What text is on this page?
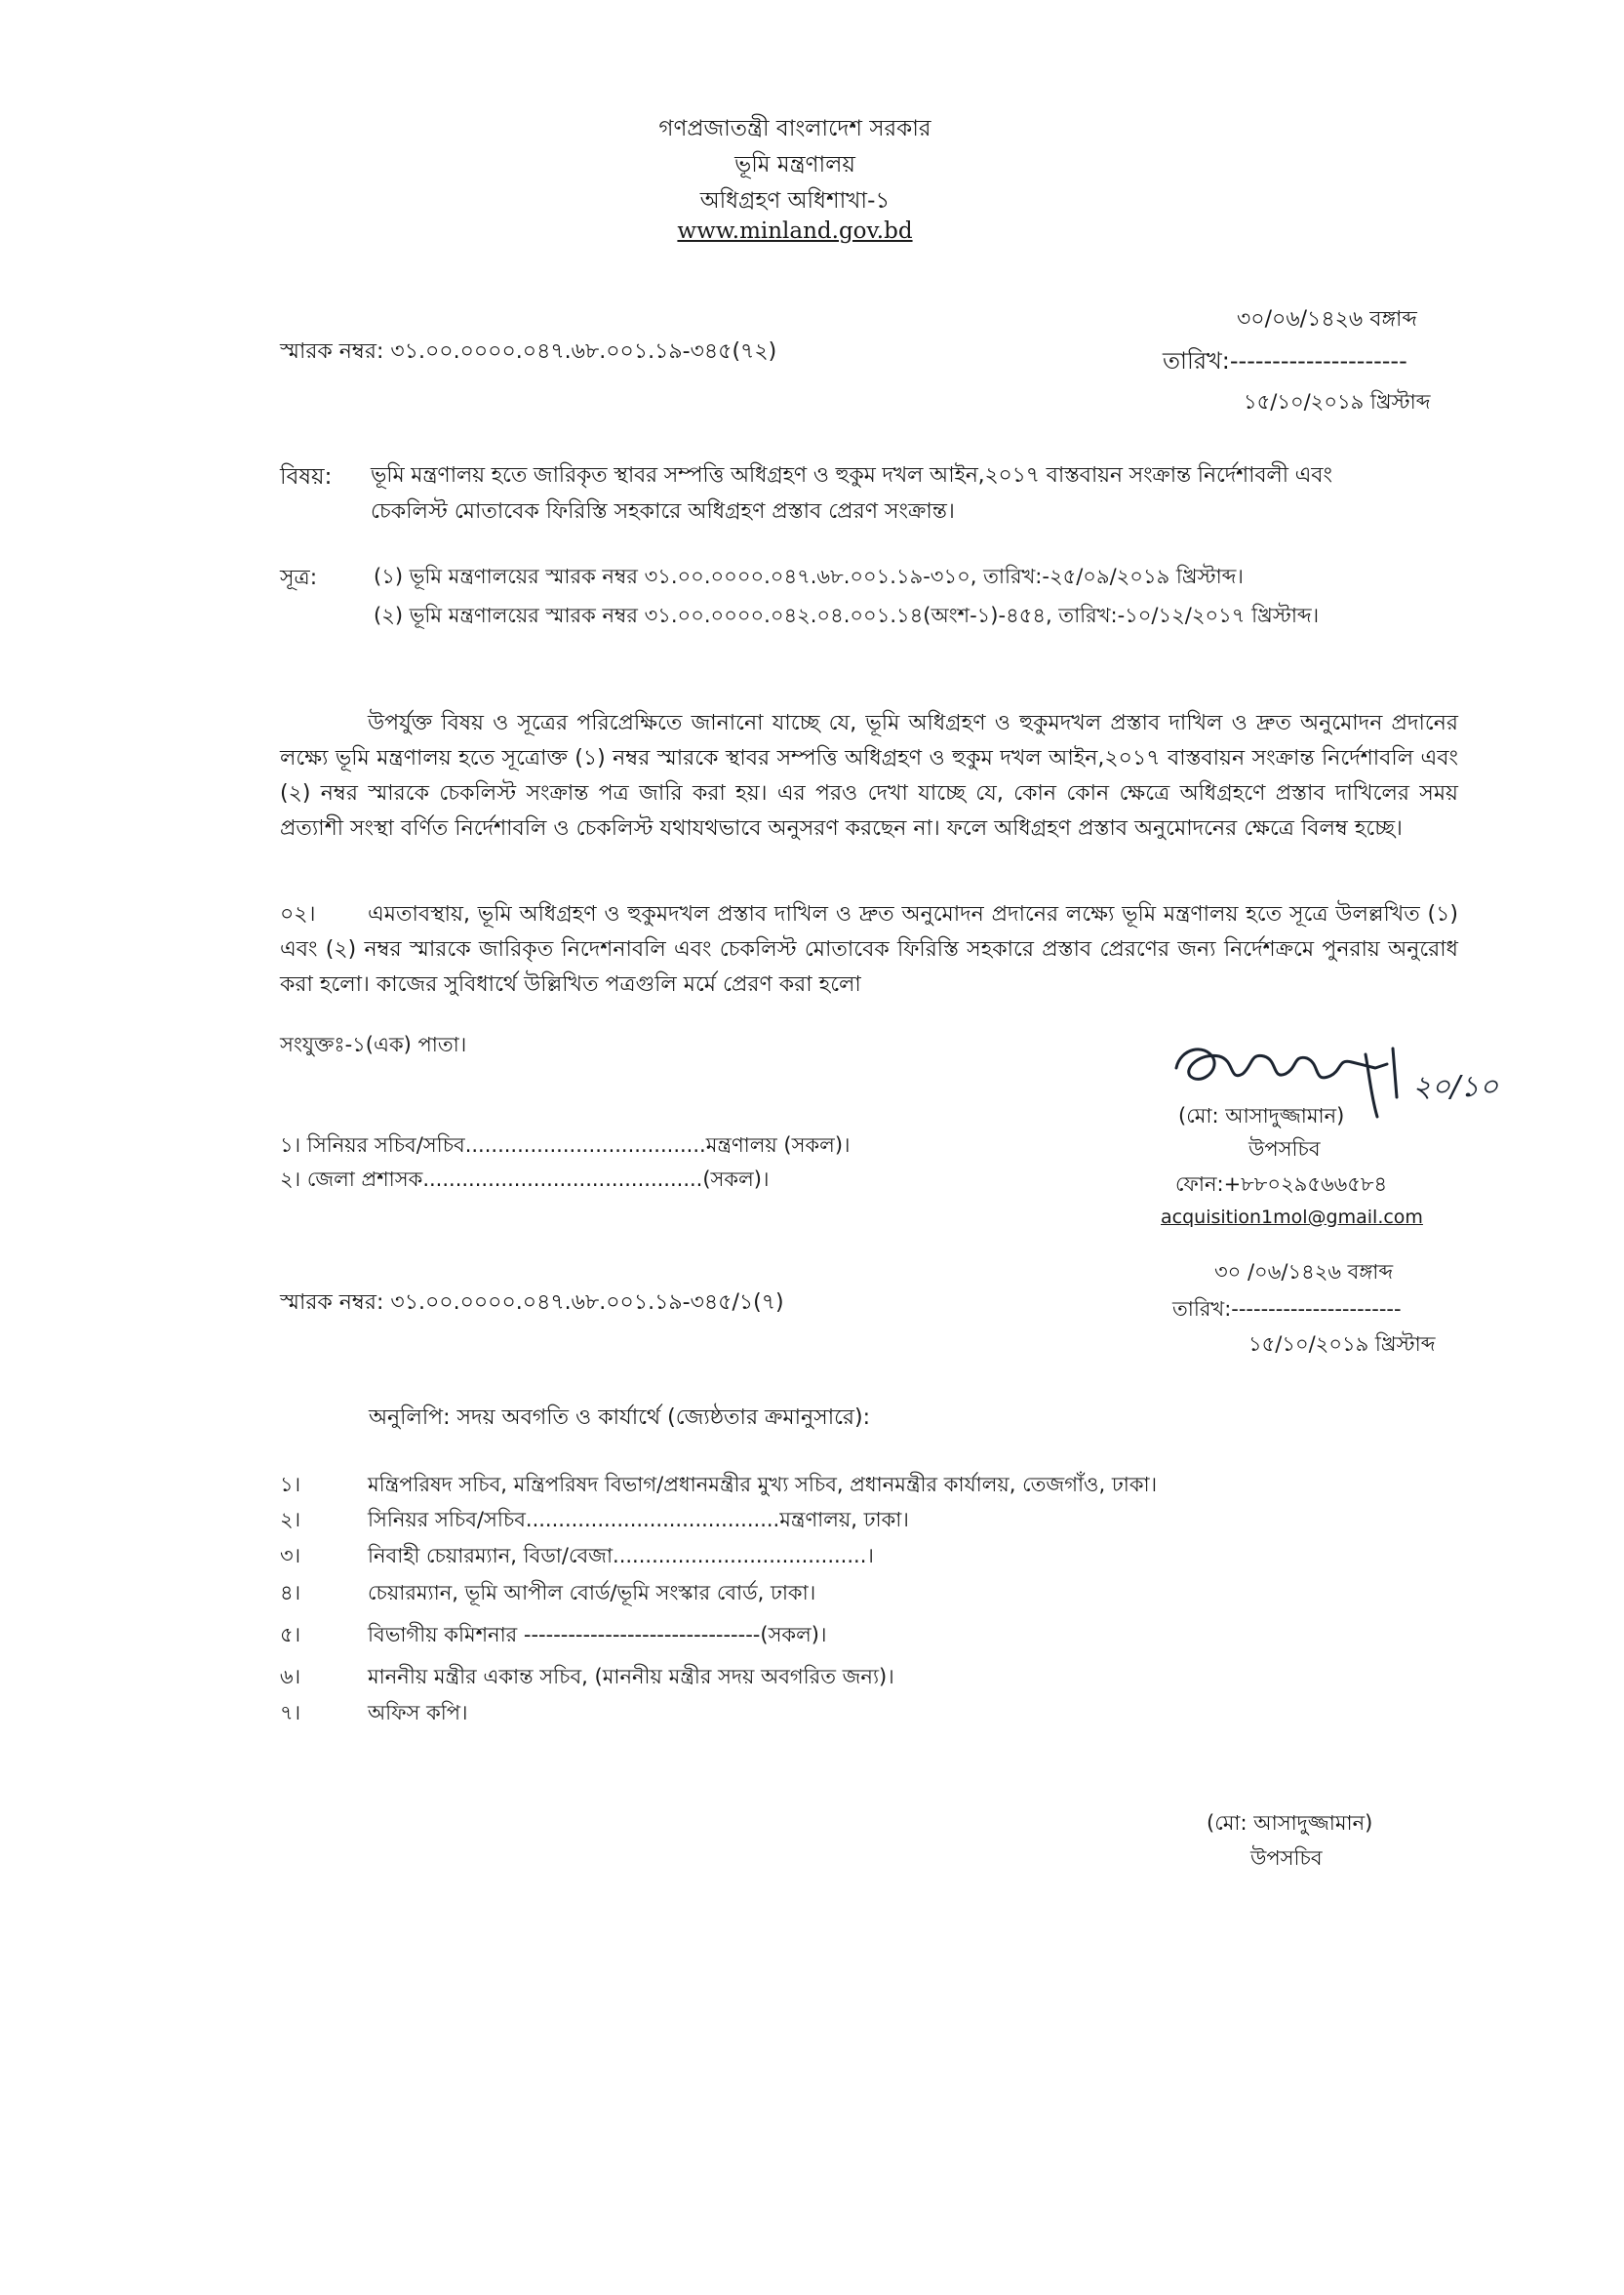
গণপ্রজাতন্ত্রী বাংলাদেশ সরকার
ভূমি মন্ত্রণালয়
অধিগ্রহণ অধিশাখা-১
www.minland.gov.bd
স্মারক নম্বর: ৩১.০০.০০০০.০৪৭.৬৮.০০১.১৯-৩৪৫(৭২)
৩০/০৬/১৪২৬ বঙ্গাব্দ
তারিখ:---------------------
১৫/১০/২০১৯ খ্রিস্টাব্দ
বিষয়: ভূমি মন্ত্রণালয় হতে জারিকৃত স্থাবর সম্পত্তি অধিগ্রহণ ও হুকুম দখল আইন,২০১৭ বাস্তবায়ন সংক্রান্ত নির্দেশাবলী এবং
চেকলিস্ট মোতাবেক ফিরিস্তি সহকারে অধিগ্রহণ প্রস্তাব প্রেরণ সংক্রান্ত।
সূত্র:	(১) ভূমি মন্ত্রণালয়ের স্মারক নম্বর ৩১.০০.০০০০.০৪৭.৬৮.০০১.১৯-৩১০, তারিখ:-২৫/০৯/২০১৯ খ্রিস্টাব্দ।
(২) ভূমি মন্ত্রণালয়ের স্মারক নম্বর ৩১.০০.০০০০.০৪২.০৪.০০১.১৪(অংশ-১)-৪৫৪, তারিখ:-১০/১২/২০১৭ খ্রিস্টাব্দ।
উপর্যুক্ত বিষয় ও সূত্রের পরিপ্রেক্ষিতে জানানো যাচ্ছে যে, ভূমি অধিগ্রহণ ও হুকুমদখল প্রস্তাব দাখিল ও দ্রুত অনুমোদন প্রদানের লক্ষ্যে ভূমি মন্ত্রণালয় হতে সূত্রোক্ত (১) নম্বর স্মারকে স্থাবর সম্পত্তি অধিগ্রহণ ও হুকুম দখল আইন,২০১৭ বাস্তবায়ন সংক্রান্ত নির্দেশাবলি এবং (২) নম্বর স্মারকে চেকলিস্ট সংক্রান্ত পত্র জারি করা হয়। এর পরও দেখা যাচ্ছে যে, কোন কোন ক্ষেত্রে অধিগ্রহণে প্রস্তাব দাখিলের সময় প্রত্যাশী সংস্থা বর্ণিত নির্দেশাবলি ও চেকলিস্ট যথাযথভাবে অনুসরণ করছেন না। ফলে অধিগ্রহণ প্রস্তাব অনুমোদনের ক্ষেত্রে বিলম্ব হচ্ছে।
০২। এমতাবস্থায়, ভূমি অধিগ্রহণ ও হুকুমদখল প্রস্তাব দাখিল ও দ্রুত অনুমোদন প্রদানের লক্ষ্যে ভূমি মন্ত্রণালয় হতে সূত্রে উলল্লখিত (১) এবং (২) নম্বর স্মারকে জারিকৃত নিদেশনাবলি এবং চেকলিস্ট মোতাবেক ফিরিস্তি সহকারে প্রস্তাব প্রেরণের জন্য নির্দেশক্রমে পুনরায় অনুরোধ করা হলো। কাজের সুবিধার্থে উল্লিখিত পত্রগুলি মর্মে প্রেরণ করা হলো
সংযুক্তঃ-১(এক) পাতা।
২০/১০
(মো: আসাদুজ্জামান)
উপসচিব
ফোন:+৮৮০২৯৫৬৬৫৮৪
acquisition1mol@gmail.com
১। সিনিয়র সচিব/সচিব.....................................মন্ত্রণালয় (সকল)।
২। জেলা প্রশাসক...........................................(সকল)।
স্মারক নম্বর: ৩১.০০.০০০০.০৪৭.৬৮.০০১.১৯-৩৪৫/১(৭)
৩০ /০৬/১৪২৬ বঙ্গাব্দ
তারিখ:-----------------------
১৫/১০/২০১৯ খ্রিস্টাব্দ
অনুলিপি: সদয় অবগতি ও কার্যার্থে (জ্যেষ্ঠতার ক্রমানুসারে):
১।	মন্ত্রিপরিষদ সচিব, মন্ত্রিপরিষদ বিভাগ/প্রধানমন্ত্রীর মুখ্য সচিব, প্রধানমন্ত্রীর কার্যালয়, তেজগাঁও, ঢাকা।
২।	সিনিয়র সচিব/সচিব.......................................মন্ত্রণালয়, ঢাকা।
৩।	নিবাহী চেয়ারম্যান, বিডা/বেজা.......................................।
৪।	চেয়ারম্যান, ভূমি আপীল বোর্ড/ভূমি সংস্কার বোর্ড, ঢাকা।
৫।	বিভাগীয় কমিশনার --------------------------------(সকল)।
৬।	মাননীয় মন্ত্রীর একান্ত সচিব, (মাননীয় মন্ত্রীর সদয় অবগরিত জন্য)।
৭।	অফিস কপি।
(মো: আসাদুজ্জামান)
উপসচিব
